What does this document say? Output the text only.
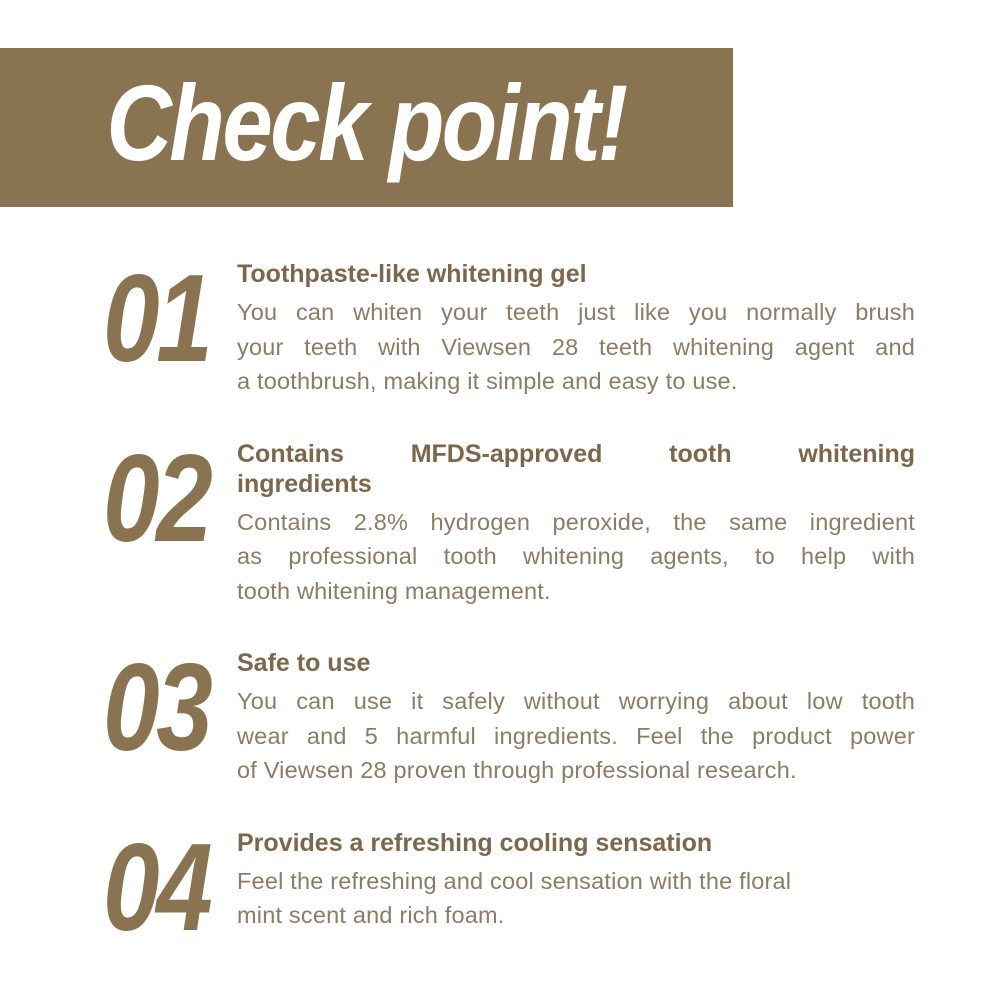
Check point!
01 Toothpaste-like whitening gel
You can whiten your teeth just like you normally brush
your teeth with Viewsen 28 teeth whitening agent and
a toothbrush, making it simple and easy to use.
02 Contains MFDS-approved tooth whitening
ingredients
Contains 2.8% hydrogen peroxide, the same ingredient
as professional tooth whitening agents, to help with
tooth whitening management.
03 Safe to use
You can use it safely without worrying about low tooth
wear and 5 harmful ingredients. Feel the product power
of Viewsen 28 proven through professional research.
04 Provides a refreshing cooling sensation
Feel the refreshing and cool sensation with the floral
mint scent and rich foam.
